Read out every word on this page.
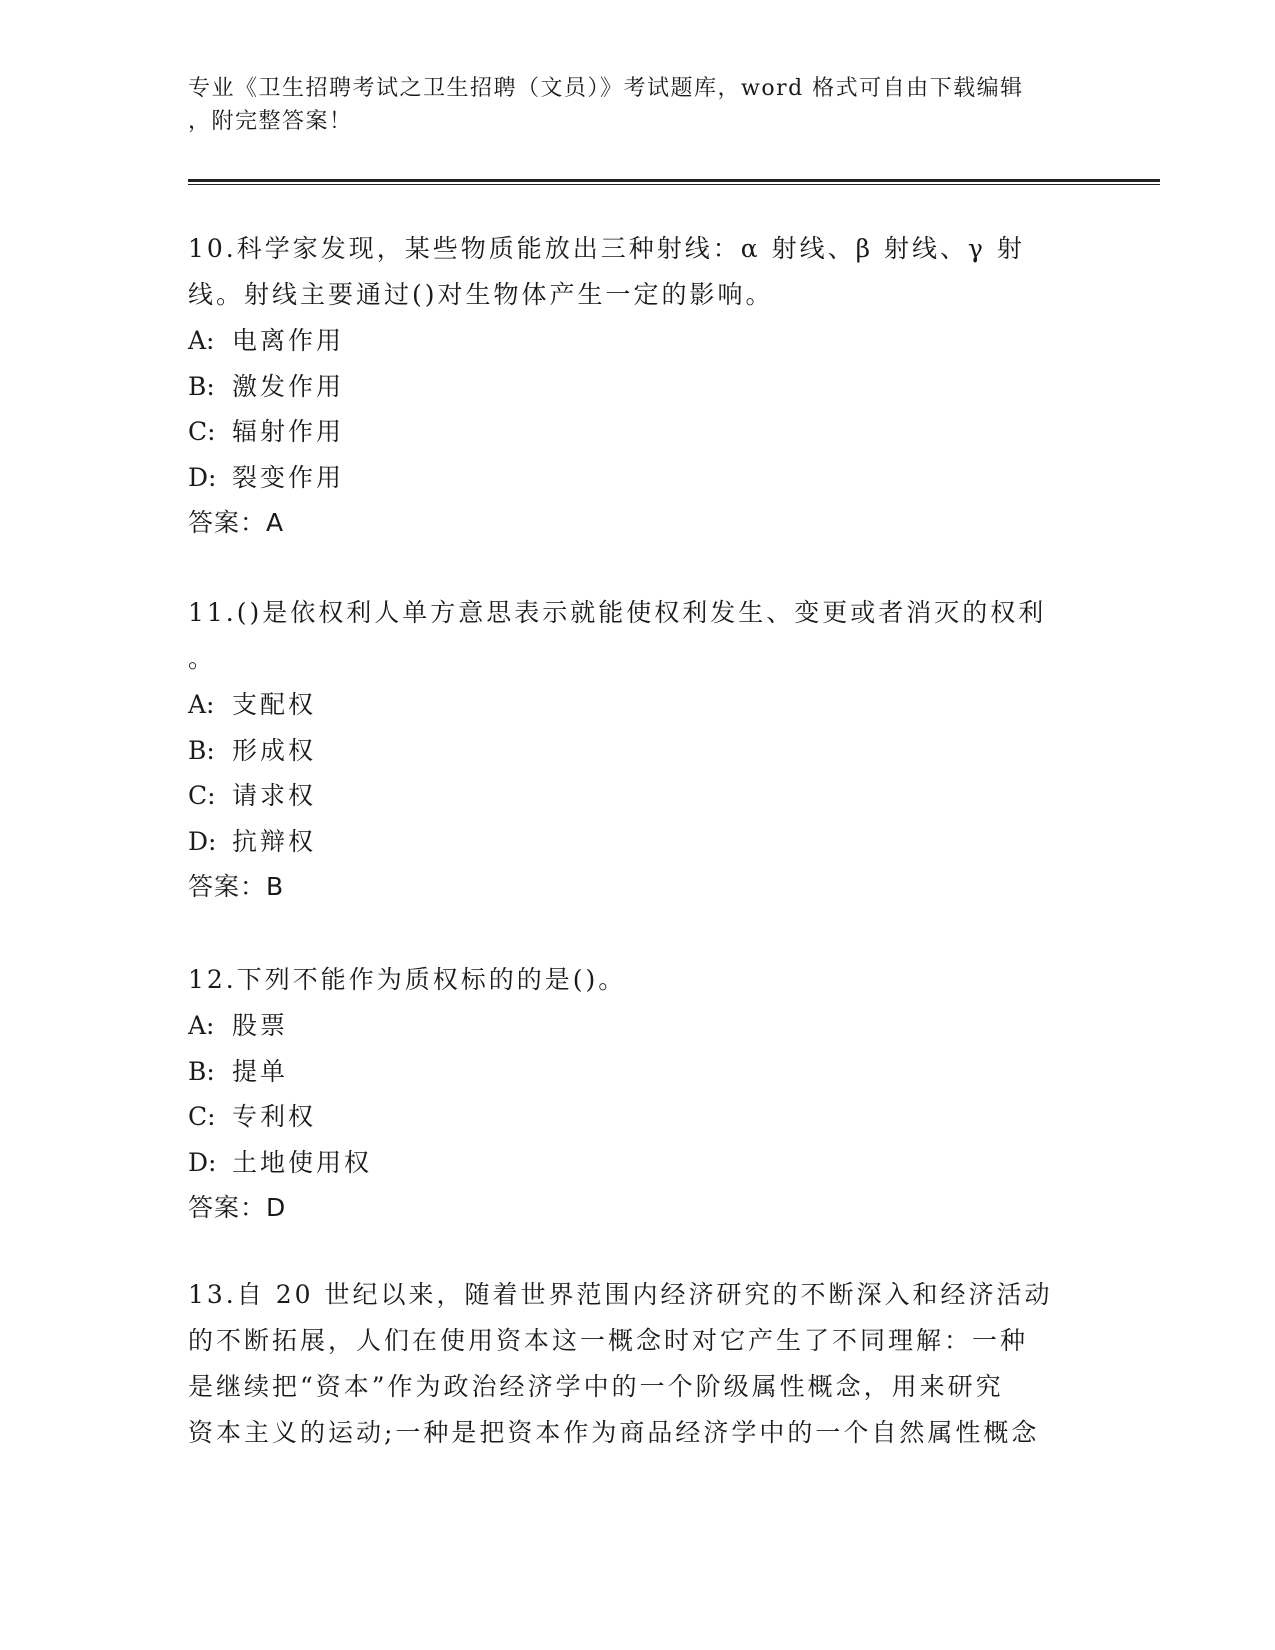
专业《卫生招聘考试之卫生招聘（文员）》考试题库，word 格式可自由下载编辑
，附完整答案！

10.科学家发现，某些物质能放出三种射线：α 射线、β 射线、γ 射

线。射线主要通过()对生物体产生一定的影响。

A: 电离作用

B: 激发作用

C: 辐射作用

D: 裂变作用

答案：A

11.()是依权利人单方意思表示就能使权利发生、变更或者消灭的权利

。

A: 支配权

B: 形成权

C: 请求权

D: 抗辩权

答案：B

12.下列不能作为质权标的的是()。

A: 股票

B: 提单

C: 专利权

D: 土地使用权

答案：D

13.自 20 世纪以来，随着世界范围内经济研究的不断深入和经济活动

的不断拓展，人们在使用资本这一概念时对它产生了不同理解：一种

是继续把“资本”作为政治经济学中的一个阶级属性概念，用来研究

资本主义的运动;一种是把资本作为商品经济学中的一个自然属性概念
